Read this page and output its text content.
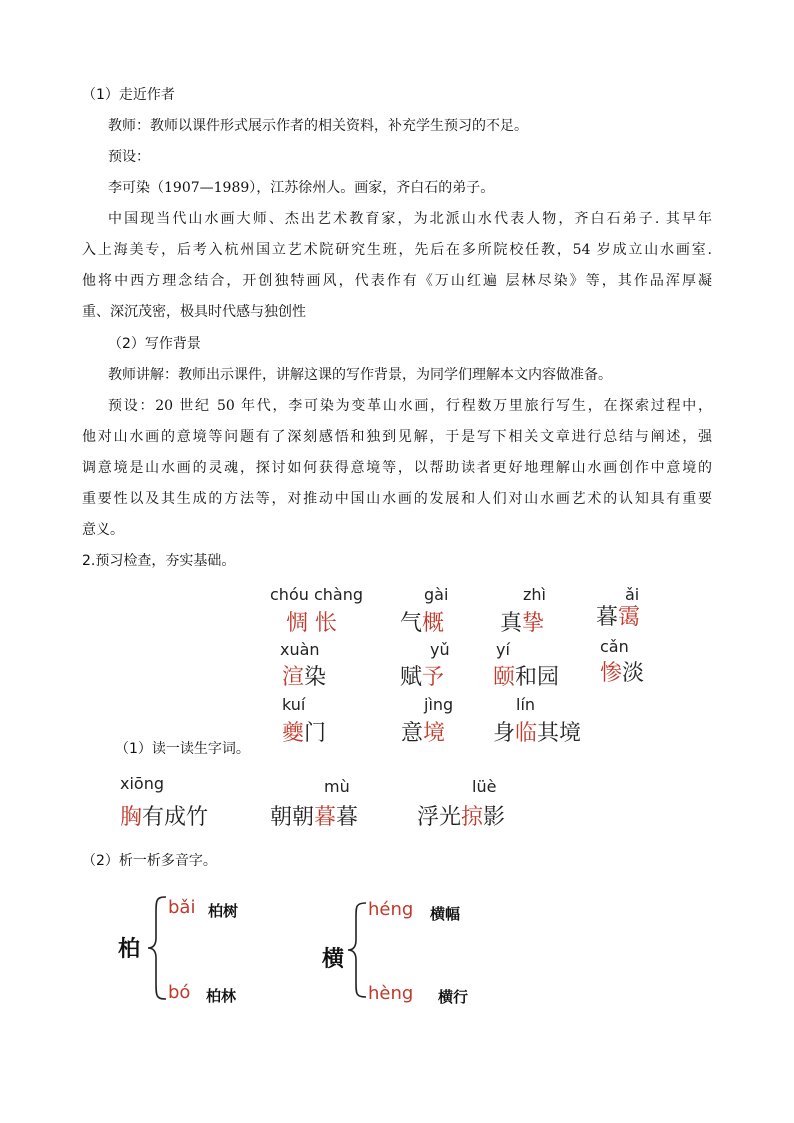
（1）走近作者
教师：教师以课件形式展示作者的相关资料，补充学生预习的不足。
预设：
李可染（1907—1989），江苏徐州人。画家，齐白石的弟子。
中国现当代山水画大师、杰出艺术教育家，为北派山水代表人物，齐白石弟子. 其早年
入上海美专，后考入杭州国立艺术院研究生班，先后在多所院校任教，54 岁成立山水画室.
他将中西方理念结合，开创独特画风，代表作有《万山红遍 层林尽染》等，其作品浑厚凝
重、深沉茂密，极具时代感与独创性
（2）写作背景
教师讲解：教师出示课件，讲解这课的写作背景，为同学们理解本文内容做准备。
预设：20 世纪 50 年代，李可染为变革山水画，行程数万里旅行写生，在探索过程中，
他对山水画的意境等问题有了深刻感悟和独到见解，于是写下相关文章进行总结与阐述，强
调意境是山水画的灵魂，探讨如何获得意境等，以帮助读者更好地理解山水画创作中意境的
重要性以及其生成的方法等，对推动中国山水画的发展和人们对山水画艺术的认知具有重要
意义。
2.预习检查，夯实基础。
chóu chàng
惆 怅
gài
气概
zhì
真挚
ǎi
暮霭
xuàn
渲染
yǔ
赋予
yí
颐和园
cǎn
惨淡
kuí
夔门
jìng
意境
lín
身临其境
（1）读一读生字词。
xiōng
胸有成竹
mù
朝朝暮暮
lüè
浮光掠影
（2）析一析多音字。
柏
bǎi 柏树
bó 柏林
横
héng 横幅
hèng 横行
